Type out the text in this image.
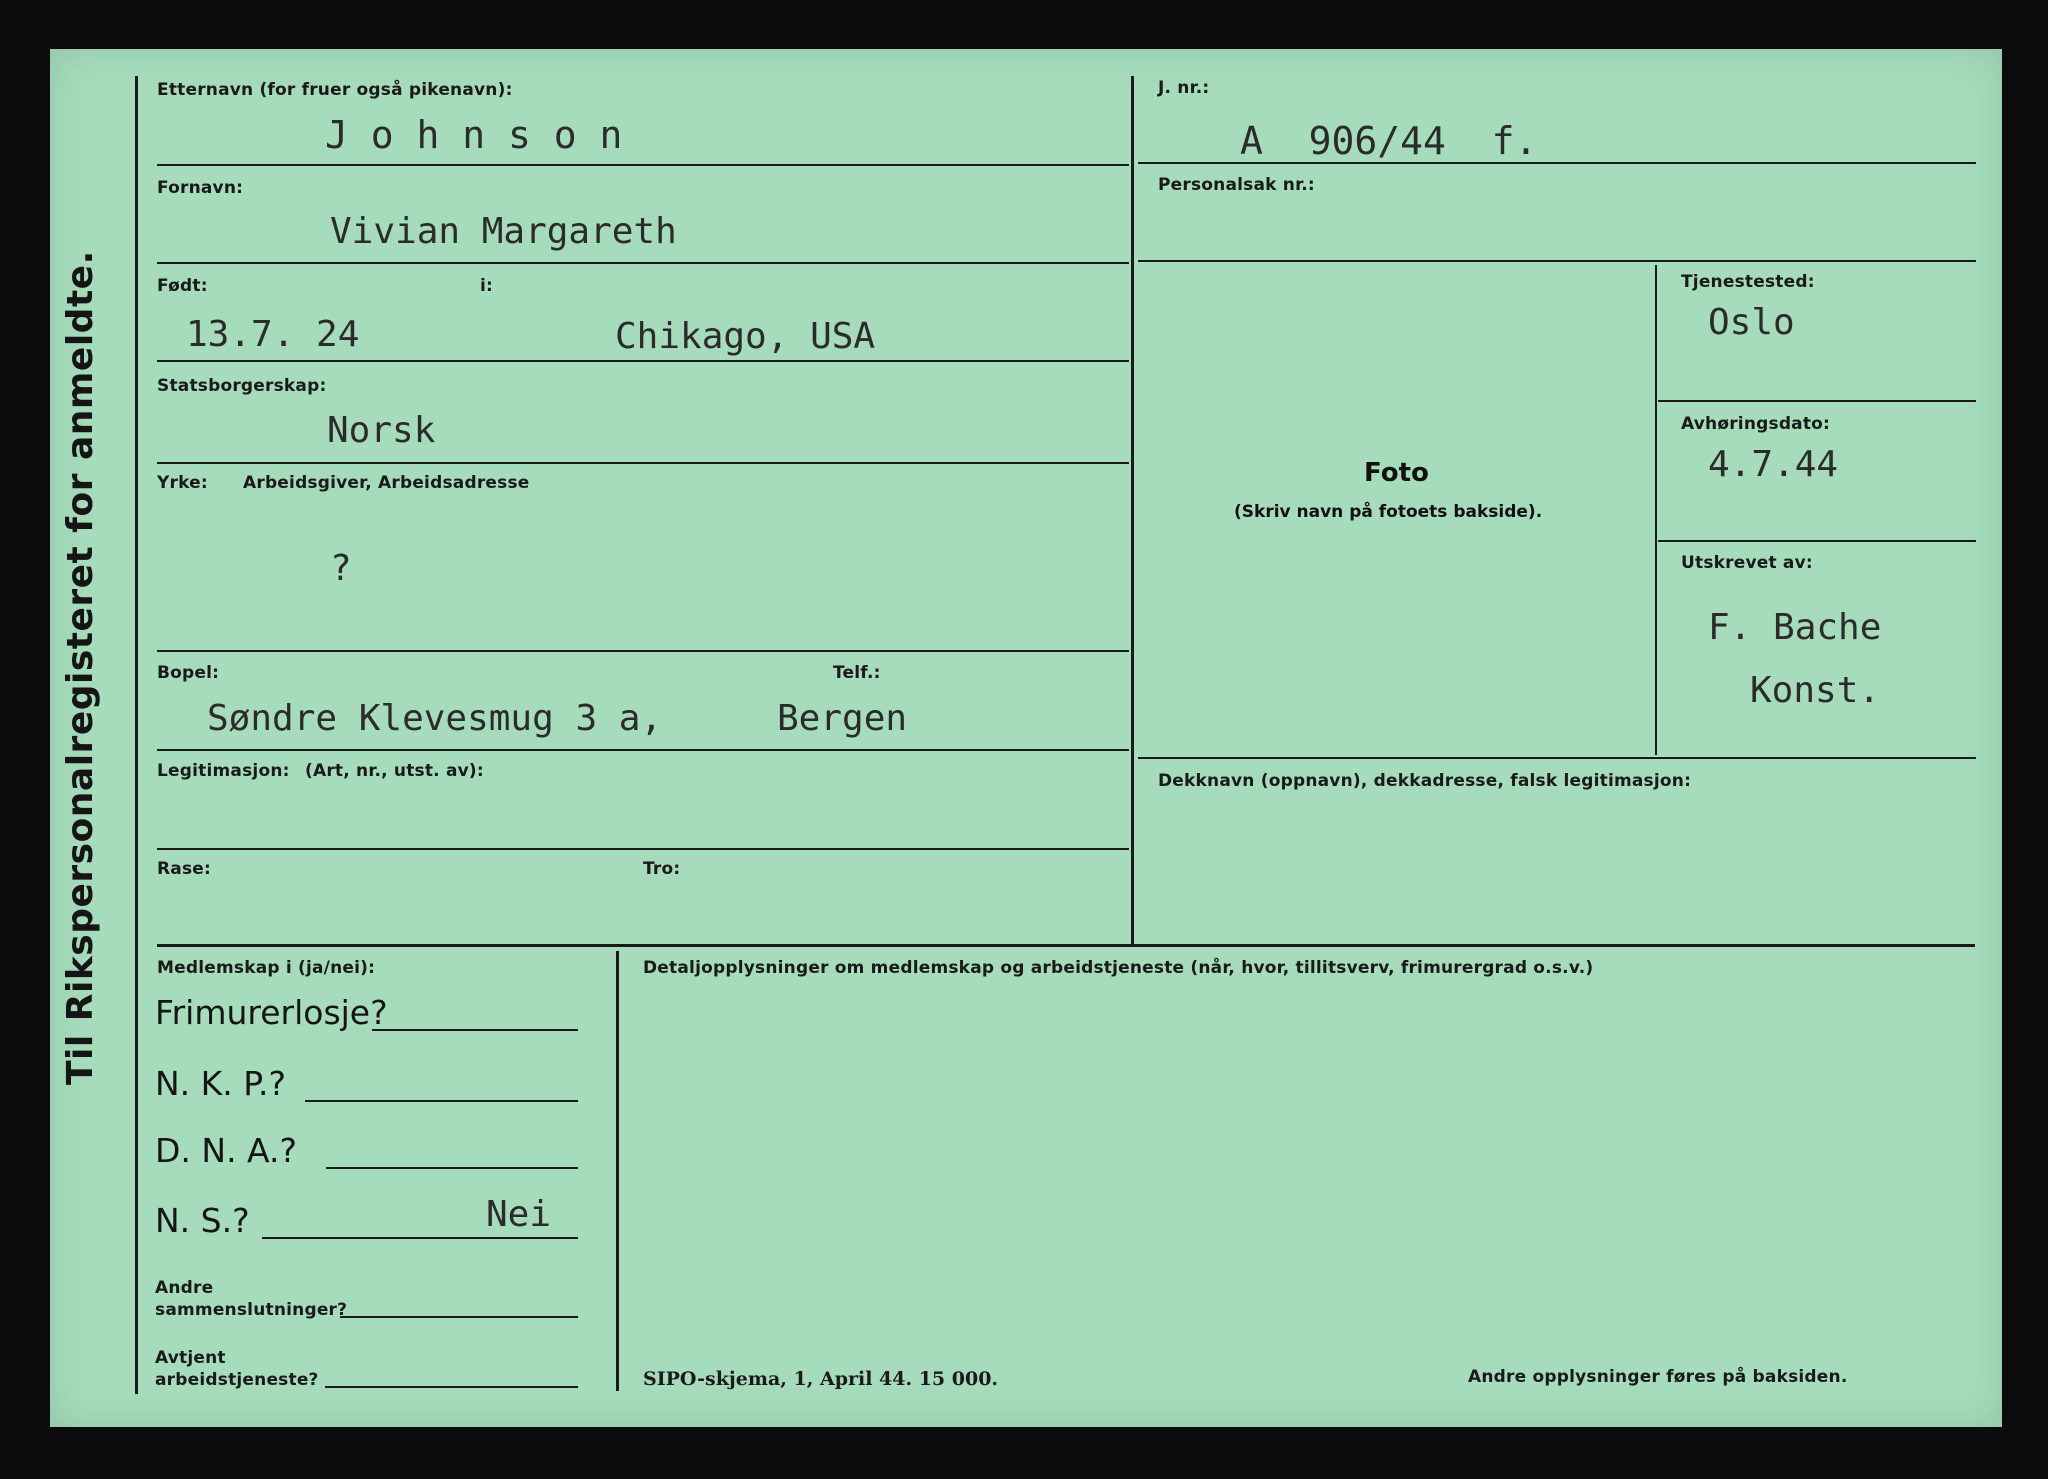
Til Rikspersonalregisteret for anmeldte.
Etternavn (for fruer også pikenavn):
J o h n s o n
Fornavn:
Vivian Margareth
Født:	i:
13.7. 24	Chikago, USA
Statsborgerskap:
Norsk
Yrke: Arbeidsgiver, Arbeidsadresse
?
Bopel:	Telf.:
Søndre Klevesmug 3 a,	Bergen
Legitimasjon: (Art, nr., utst. av):
Rase:	Tro:
J. nr.:
A  906/44  f.
Personalsak nr.:
Foto
(Skriv navn på fotoets bakside).
Tjenestested:
Oslo
Avhøringsdato:
4.7.44
Utskrevet av:
F. Bache
Konst.
Dekknavn (oppnavn), dekkadresse, falsk legitimasjon:
Medlemskap i (ja/nei):
Frimurerlosje?
N. K. P.?
D. N. A.?
N. S.?	Nei
Andre
sammenslutninger?
Avtjent
arbeidstjeneste?
Detaljopplysninger om medlemskap og arbeidstjeneste (når, hvor, tillitsverv, frimurergrad o.s.v.)
SIPO-skjema, 1, April 44. 15 000.	Andre opplysninger føres på baksiden.
